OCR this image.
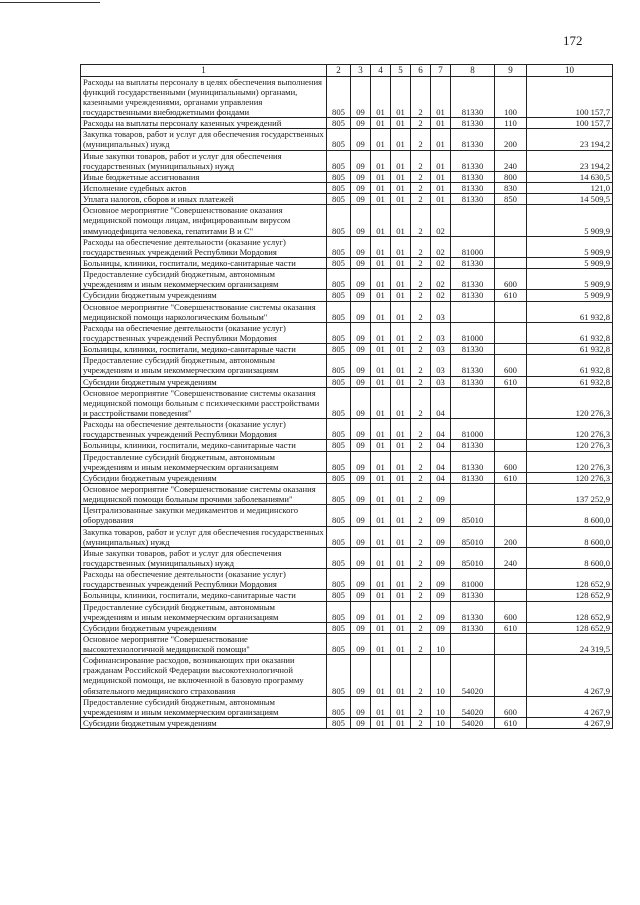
172
1	2	3	4	5	6	7	8	9	10
Расходы на выплаты персоналу в целях обеспечения выполнения функций государственными (муниципальными) органами, казенными учреждениями, органами управления государственными внебюджетными фондами	805	09	01	01	2	01	81330	100	100 157,7
Расходы на выплаты персоналу казенных учреждений	805	09	01	01	2	01	81330	110	100 157,7
Закупка товаров, работ и услуг для обеспечения государственных (муниципальных) нужд	805	09	01	01	2	01	81330	200	23 194,2
Иные закупки товаров, работ и услуг для обеспечения государственных (муниципальных) нужд	805	09	01	01	2	01	81330	240	23 194,2
Иные бюджетные ассигнования	805	09	01	01	2	01	81330	800	14 630,5
Исполнение судебных актов	805	09	01	01	2	01	81330	830	121,0
Уплата налогов, сборов и иных платежей	805	09	01	01	2	01	81330	850	14 509,5
Основное мероприятие "Совершенствование оказания медицинской помощи лицам, инфицированным вирусом иммунодефицита человека, гепатитами В и С"	805	09	01	01	2	02			5 909,9
Расходы на обеспечение деятельности (оказание услуг) государственных учреждений Республики Мордовия	805	09	01	01	2	02	81000		5 909,9
Больницы, клиники, госпитали, медико-санитарные части	805	09	01	01	2	02	81330		5 909,9
Предоставление субсидий бюджетным, автономным учреждениям и иным некоммерческим организациям	805	09	01	01	2	02	81330	600	5 909,9
Субсидии бюджетным учреждениям	805	09	01	01	2	02	81330	610	5 909,9
Основное мероприятие "Совершенствование системы оказания медицинской помощи наркологическим больным"	805	09	01	01	2	03			61 932,8
Расходы на обеспечение деятельности (оказание услуг) государственных учреждений Республики Мордовия	805	09	01	01	2	03	81000		61 932,8
Больницы, клиники, госпитали, медико-санитарные части	805	09	01	01	2	03	81330		61 932,8
Предоставление субсидий бюджетным, автономным учреждениям и иным некоммерческим организациям	805	09	01	01	2	03	81330	600	61 932,8
Субсидии бюджетным учреждениям	805	09	01	01	2	03	81330	610	61 932,8
Основное мероприятие "Совершенствование системы оказания медицинской помощи больным с психическими расстройствами и расстройствами поведения"	805	09	01	01	2	04			120 276,3
Расходы на обеспечение деятельности (оказание услуг) государственных учреждений Республики Мордовия	805	09	01	01	2	04	81000		120 276,3
Больницы, клиники, госпитали, медико-санитарные части	805	09	01	01	2	04	81330		120 276,3
Предоставление субсидий бюджетным, автономным учреждениям и иным некоммерческим организациям	805	09	01	01	2	04	81330	600	120 276,3
Субсидии бюджетным учреждениям	805	09	01	01	2	04	81330	610	120 276,3
Основное мероприятие "Совершенствование системы оказания медицинской помощи больным прочими заболеваниями"	805	09	01	01	2	09			137 252,9
Централизованные закупки медикаментов и медицинского оборудования	805	09	01	01	2	09	85010		8 600,0
Закупка товаров, работ и услуг для обеспечения государственных (муниципальных) нужд	805	09	01	01	2	09	85010	200	8 600,0
Иные закупки товаров, работ и услуг для обеспечения государственных (муниципальных) нужд	805	09	01	01	2	09	85010	240	8 600,0
Расходы на обеспечение деятельности (оказание услуг) государственных учреждений Республики Мордовия	805	09	01	01	2	09	81000		128 652,9
Больницы, клиники, госпитали, медико-санитарные части	805	09	01	01	2	09	81330		128 652,9
Предоставление субсидий бюджетным, автономным учреждениям и иным некоммерческим организациям	805	09	01	01	2	09	81330	600	128 652,9
Субсидии бюджетным учреждениям	805	09	01	01	2	09	81330	610	128 652,9
Основное мероприятие "Совершенствование высокотехнологичной медицинской помощи"	805	09	01	01	2	10			24 319,5
Софинансирование расходов, возникающих при оказании гражданам Российской Федерации высокотехнологичной медицинской помощи, не включенной в базовую программу обязательного медицинского страхования	805	09	01	01	2	10	54020		4 267,9
Предоставление субсидий бюджетным, автономным учреждениям и иным некоммерческим организациям	805	09	01	01	2	10	54020	600	4 267,9
Субсидии бюджетным учреждениям	805	09	01	01	2	10	54020	610	4 267,9
